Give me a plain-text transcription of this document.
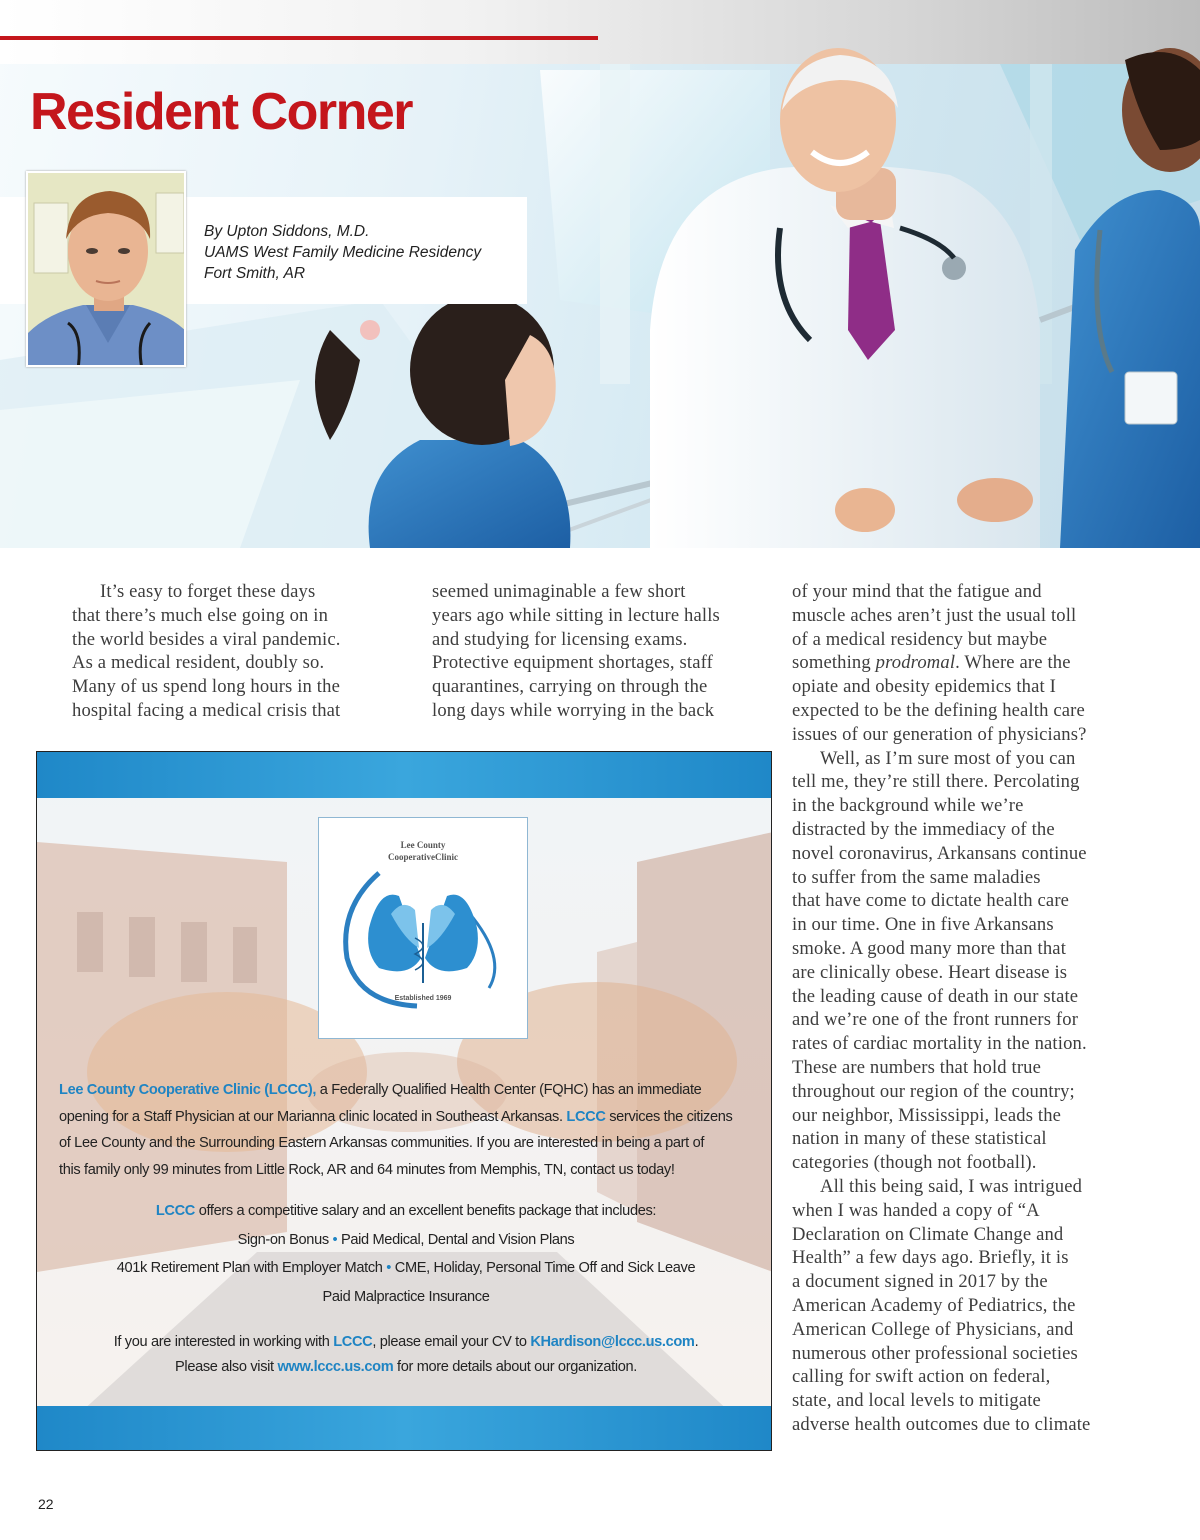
Resident Corner
By Upton Siddons, M.D.
UAMS West Family Medicine Residency
Fort Smith, AR

It’s easy to forget these days

that there’s much else going on in

the world besides a viral pandemic.

As a medical resident, doubly so.

Many of us spend long hours in the

hospital facing a medical crisis that

seemed unimaginable a few short

years ago while sitting in lecture halls

and studying for licensing exams.

Protective equipment shortages, staff

quarantines, carrying on through the

long days while worrying in the back

of your mind that the fatigue and

muscle aches aren’t just the usual toll

of a medical residency but maybe

something prodromal. Where are the

opiate and obesity epidemics that I

expected to be the defining health care

issues of our generation of physicians?

Well, as I’m sure most of you can

tell me, they’re still there. Percolating

in the background while we’re

distracted by the immediacy of the

novel coronavirus, Arkansans continue

to suffer from the same maladies

that have come to dictate health care

in our time. One in five Arkansans

smoke. A good many more than that

are clinically obese. Heart disease is

the leading cause of death in our state

and we’re one of the front runners for

rates of cardiac mortality in the nation.

These are numbers that hold true

throughout our region of the country;

our neighbor, Mississippi, leads the

nation in many of these statistical

categories (though not football).

All this being said, I was intrigued

when I was handed a copy of “A

Declaration on Climate Change and

Health” a few days ago. Briefly, it is

a document signed in 2017 by the

American Academy of Pediatrics, the

American College of Physicians, and

numerous other professional societies

calling for swift action on federal,

state, and local levels to mitigate

adverse health outcomes due to climate

Lee County
CooperativeClinic
Established 1969

Lee County Cooperative Clinic (LCCC), a Federally Qualified Health Center (FQHC) has an immediate

opening for a Staff Physician at our Marianna clinic located in Southeast Arkansas. LCCC services the citizens

of Lee County and the Surrounding Eastern Arkansas communities. If you are interested in being a part of

this family only 99 minutes from Little Rock, AR and 64 minutes from Memphis, TN, contact us today!

LCCC offers a competitive salary and an excellent benefits package that includes:

Sign-on Bonus • Paid Medical, Dental and Vision Plans

401k Retirement Plan with Employer Match • CME, Holiday, Personal Time Off and Sick Leave

Paid Malpractice Insurance

If you are interested in working with LCCC, please email your CV to KHardison@lccc.us.com.

Please also visit www.lccc.us.com for more details about our organization.

22
